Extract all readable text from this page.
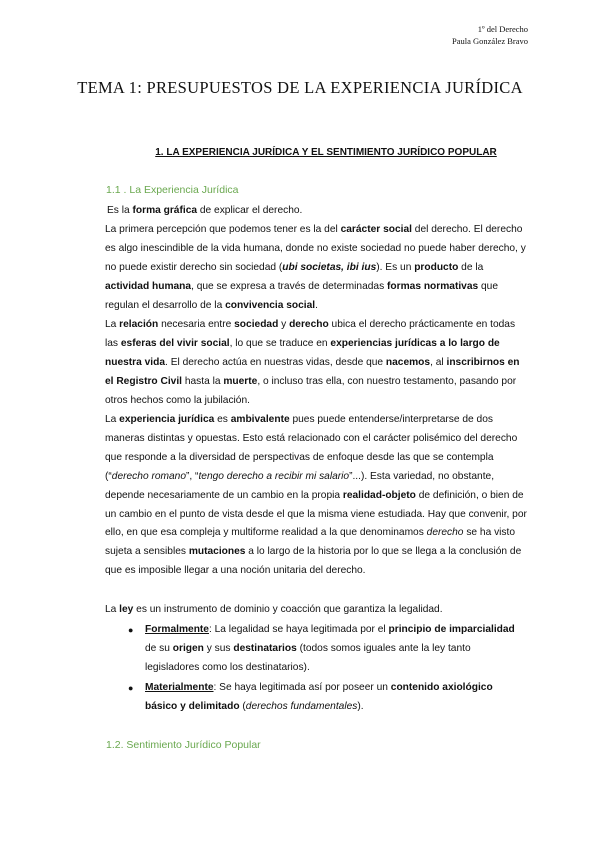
1º del Derecho
Paula González Bravo
TEMA 1: PRESUPUESTOS DE LA EXPERIENCIA JURÍDICA
1. LA EXPERIENCIA JURÍDICA Y EL SENTIMIENTO JURÍDICO POPULAR
1.1 . La Experiencia Jurídica
Es la forma gráfica de explicar el derecho.
La primera percepción que podemos tener es la del carácter social del derecho. El derecho es algo inescindible de la vida humana, donde no existe sociedad no puede haber derecho, y no puede existir derecho sin sociedad (ubi societas, ibi ius). Es un producto de la actividad humana, que se expresa a través de determinadas formas normativas que regulan el desarrollo de la convivencia social.
La relación necesaria entre sociedad y derecho ubica el derecho prácticamente en todas las esferas del vivir social, lo que se traduce en experiencias jurídicas a lo largo de nuestra vida. El derecho actúa en nuestras vidas, desde que nacemos, al inscribirnos en el Registro Civil hasta la muerte, o incluso tras ella, con nuestro testamento, pasando por otros hechos como la jubilación.
La experiencia jurídica es ambivalente pues puede entenderse/interpretarse de dos maneras distintas y opuestas. Esto está relacionado con el carácter polisémico del derecho que responde a la diversidad de perspectivas de enfoque desde las que se contempla (“derecho romano”, “tengo derecho a recibir mi salario”...). Esta variedad, no obstante, depende necesariamente de un cambio en la propia realidad-objeto de definición, o bien de un cambio en el punto de vista desde el que la misma viene estudiada. Hay que convenir, por ello, en que esa compleja y multiforme realidad a la que denominamos derecho se ha visto sujeta a sensibles mutaciones a lo largo de la historia por lo que se llega a la conclusión de que es imposible llegar a una noción unitaria del derecho.
La ley es un instrumento de dominio y coacción que garantiza la legalidad.
● Formalmente: La legalidad se haya legitimada por el principio de imparcialidad de su origen y sus destinatarios (todos somos iguales ante la ley tanto legisladores como los destinatarios).
● Materialmente: Se haya legitimada así por poseer un contenido axiológico básico y delimitado (derechos fundamentales).
1.2. Sentimiento Jurídico Popular
